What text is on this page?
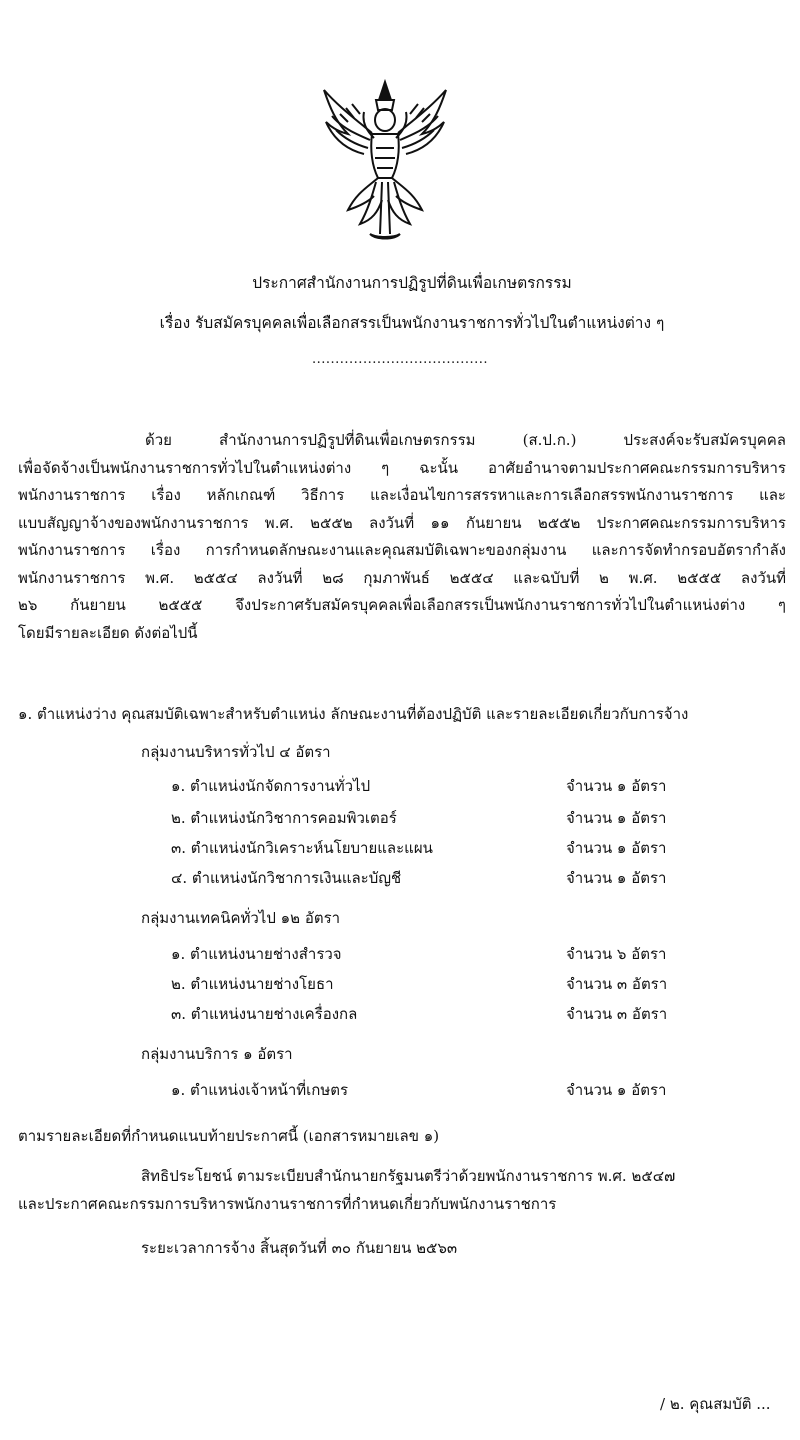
ประกาศสำนักงานการปฏิรูปที่ดินเพื่อเกษตรกรรม
เรื่อง รับสมัครบุคคลเพื่อเลือกสรรเป็นพนักงานราชการทั่วไปในตำแหน่งต่าง ๆ
......................................
ด้วย สำนักงานการปฏิรูปที่ดินเพื่อเกษตรกรรม (ส.ป.ก.) ประสงค์จะรับสมัครบุคคล
เพื่อจัดจ้างเป็นพนักงานราชการทั่วไปในตำแหน่งต่าง ๆ ฉะนั้น อาศัยอำนาจตามประกาศคณะกรรมการบริหาร
พนักงานราชการ เรื่อง หลักเกณฑ์ วิธีการ และเงื่อนไขการสรรหาและการเลือกสรรพนักงานราชการ และ
แบบสัญญาจ้างของพนักงานราชการ พ.ศ. ๒๕๕๒ ลงวันที่ ๑๑ กันยายน ๒๕๕๒ ประกาศคณะกรรมการบริหาร
พนักงานราชการ เรื่อง การกำหนดลักษณะงานและคุณสมบัติเฉพาะของกลุ่มงาน และการจัดทำกรอบอัตรากำลัง
พนักงานราชการ พ.ศ. ๒๕๕๔ ลงวันที่ ๒๘ กุมภาพันธ์ ๒๕๕๔ และฉบับที่ ๒ พ.ศ. ๒๕๕๕ ลงวันที่
๒๖ กันยายน ๒๕๕๕ จึงประกาศรับสมัครบุคคลเพื่อเลือกสรรเป็นพนักงานราชการทั่วไปในตำแหน่งต่าง ๆ
โดยมีรายละเอียด ดังต่อไปนี้
๑. ตำแหน่งว่าง คุณสมบัติเฉพาะสำหรับตำแหน่ง ลักษณะงานที่ต้องปฏิบัติ และรายละเอียดเกี่ยวกับการจ้าง
กลุ่มงานบริหารทั่วไป ๔ อัตรา
๑. ตำแหน่งนักจัดการงานทั่วไป	จำนวน ๑ อัตรา
๒. ตำแหน่งนักวิชาการคอมพิวเตอร์	จำนวน ๑ อัตรา
๓. ตำแหน่งนักวิเคราะห์นโยบายและแผน	จำนวน ๑ อัตรา
๔. ตำแหน่งนักวิชาการเงินและบัญชี	จำนวน ๑ อัตรา
กลุ่มงานเทคนิคทั่วไป ๑๒ อัตรา
๑. ตำแหน่งนายช่างสำรวจ	จำนวน ๖ อัตรา
๒. ตำแหน่งนายช่างโยธา	จำนวน ๓ อัตรา
๓. ตำแหน่งนายช่างเครื่องกล	จำนวน ๓ อัตรา
กลุ่มงานบริการ ๑ อัตรา
๑. ตำแหน่งเจ้าหน้าที่เกษตร	จำนวน ๑ อัตรา
ตามรายละเอียดที่กำหนดแนบท้ายประกาศนี้ (เอกสารหมายเลข ๑)
สิทธิประโยชน์ ตามระเบียบสำนักนายกรัฐมนตรีว่าด้วยพนักงานราชการ พ.ศ. ๒๕๔๗
และประกาศคณะกรรมการบริหารพนักงานราชการที่กำหนดเกี่ยวกับพนักงานราชการ
ระยะเวลาการจ้าง สิ้นสุดวันที่ ๓๐ กันยายน ๒๕๖๓
/ ๒. คุณสมบัติ ...
